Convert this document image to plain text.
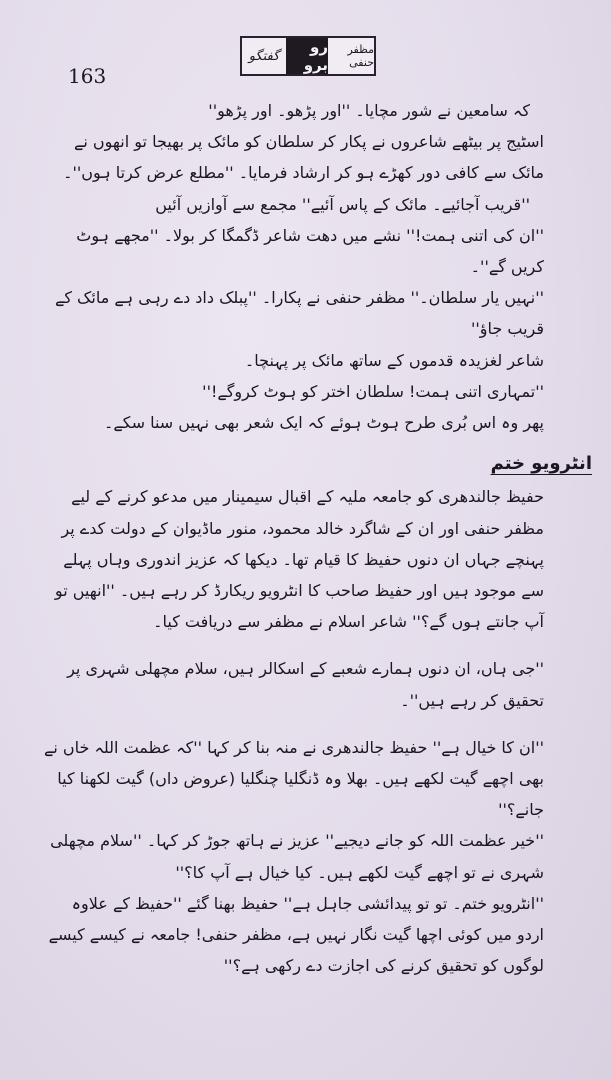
163
گفتگو	رو برو
مظفر حنفی

کہ سامعین نے شور مچایا۔ ''اور پڑھو۔ اور پڑھو''

اسٹیج پر بیٹھے شاعروں نے پکار کر سلطان کو مائک پر بھیجا تو انھوں نے مائک سے کافی دور کھڑے ہو کر ارشاد فرمایا۔ ''مطلع عرض کرتا ہوں''۔

''قریب آجائیے۔ مائک کے پاس آئیے'' مجمع سے آوازیں آئیں

''ان کی اتنی ہمت!'' نشے میں دھت شاعر ڈگمگا کر بولا۔ ''مجھے ہوٹ کریں گے''۔

''نہیں یار سلطان۔'' مظفر حنفی نے پکارا۔ ''پبلک داد دے رہی ہے مائک کے قریب جاؤ''

شاعر لغزیدہ قدموں کے ساتھ مائک پر پہنچا۔

''تمہاری اتنی ہمت! سلطان اختر کو ہوٹ کروگے!''

پھر وہ اس بُری طرح ہوٹ ہوئے کہ ایک شعر بھی نہیں سنا سکے۔

انٹرویو ختم

حفیظ جالندھری کو جامعہ ملیہ کے اقبال سیمینار میں مدعو کرنے کے لیے مظفر حنفی اور ان کے شاگرد خالد محمود، منور ماڈیوان کے دولت کدے پر پہنچے جہاں ان دنوں حفیظ کا قیام تھا۔ دیکھا کہ عزیز اندوری وہاں پہلے سے موجود ہیں اور حفیظ صاحب کا انٹرویو ریکارڈ کر رہے ہیں۔ ''انھیں تو آپ جانتے ہوں گے؟'' شاعر اسلام نے مظفر سے دریافت کیا۔

''جی ہاں، ان دنوں ہمارے شعبے کے اسکالر ہیں، سلام مچھلی شہری پر تحقیق کر رہے ہیں''۔

''ان کا خیال ہے'' حفیظ جالندھری نے منہ بنا کر کہا ''کہ عظمت اللہ خاں نے بھی اچھے گیت لکھے ہیں۔ بھلا وہ ڈنگلیا چنگلیا (عروض داں) گیت لکھنا کیا جانے؟''

''خیر عظمت اللہ کو جانے دیجیے'' عزیز نے ہاتھ جوڑ کر کہا۔ ''سلام مچھلی شہری نے تو اچھے گیت لکھے ہیں۔ کیا خیال ہے آپ کا؟''

''انٹرویو ختم۔ تو تو پیدائشی جاہل ہے'' حفیظ بھنا گئے ''حفیظ کے علاوہ اردو میں کوئی اچھا گیت نگار نہیں ہے، مظفر حنفی! جامعہ نے کیسے کیسے لوگوں کو تحقیق کرنے کی اجازت دے رکھی ہے؟''
